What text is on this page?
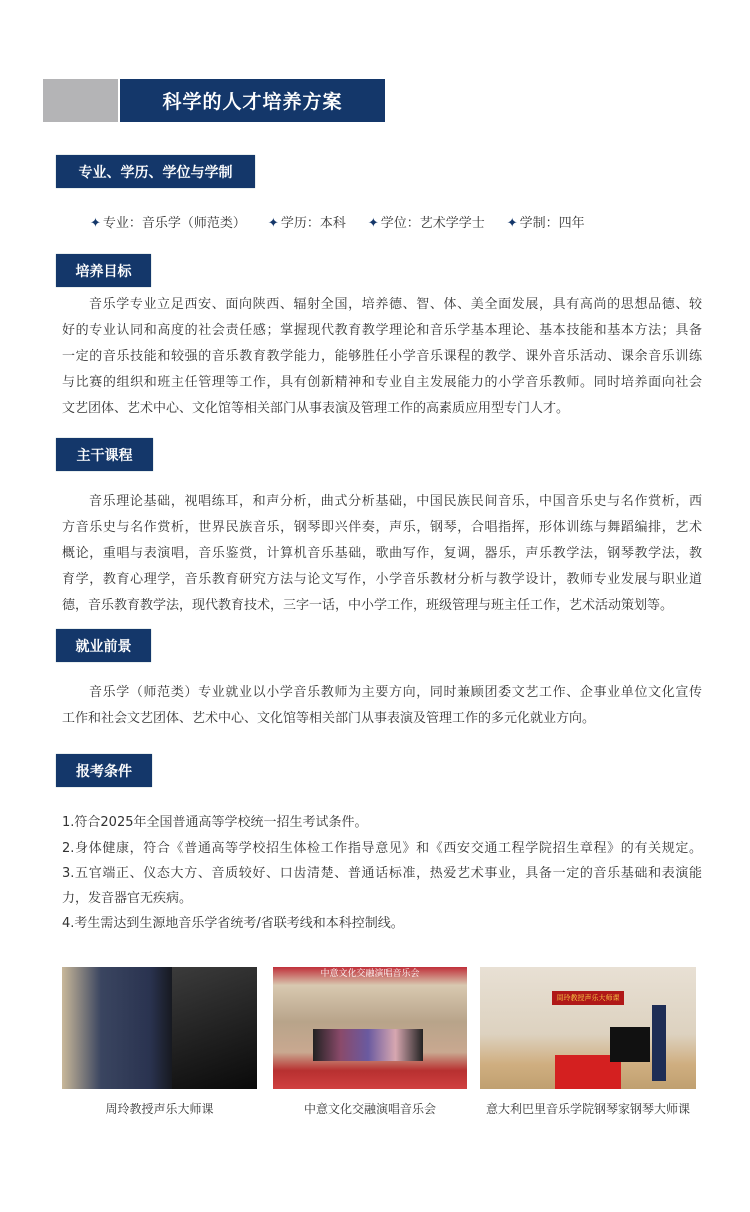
科学的人才培养方案
专业、学历、学位与学制
✦ 专业：音乐学（师范类） ✦ 学历：本科 ✦ 学位：艺术学学士 ✦ 学制：四年
培养目标
音乐学专业立足西安、面向陕西、辐射全国，培养德、智、体、美全面发展，具有高尚的思想品德、较
好的专业认同和高度的社会责任感；掌握现代教育教学理论和音乐学基本理论、基本技能和基本方法；具备
一定的音乐技能和较强的音乐教育教学能力，能够胜任小学音乐课程的教学、课外音乐活动、课余音乐训练
与比赛的组织和班主任管理等工作，具有创新精神和专业自主发展能力的小学音乐教师。同时培养面向社会
文艺团体、艺术中心、文化馆等相关部门从事表演及管理工作的高素质应用型专门人才。
主干课程
音乐理论基础，视唱练耳，和声分析，曲式分析基础，中国民族民间音乐，中国音乐史与名作赏析，西
方音乐史与名作赏析，世界民族音乐，钢琴即兴伴奏，声乐，钢琴，合唱指挥，形体训练与舞蹈编排，艺术
概论，重唱与表演唱，音乐鉴赏，计算机音乐基础，歌曲写作，复调，器乐，声乐教学法，钢琴教学法，教
育学，教育心理学，音乐教育研究方法与论文写作，小学音乐教材分析与教学设计，教师专业发展与职业道
德，音乐教育教学法，现代教育技术，三字一话，中小学工作，班级管理与班主任工作，艺术活动策划等。
就业前景
音乐学（师范类）专业就业以小学音乐教师为主要方向，同时兼顾团委文艺工作、企事业单位文化宣传
工作和社会文艺团体、艺术中心、文化馆等相关部门从事表演及管理工作的多元化就业方向。
报考条件
1.符合2025年全国普通高等学校统一招生考试条件。
2.身体健康，符合《普通高等学校招生体检工作指导意见》和《西安交通工程学院招生章程》的有关规定。
3.五官端正、仪态大方、音质较好、口齿清楚、普通话标准，热爱艺术事业，具备一定的音乐基础和表演能
力，发音器官无疾病。
4.考生需达到生源地音乐学省统考/省联考线和本科控制线。
中意文化交融演唱音乐会
周玲教授声乐大师课
周玲教授声乐大师课	中意文化交融演唱音乐会	意大利巴里音乐学院钢琴家钢琴大师课
